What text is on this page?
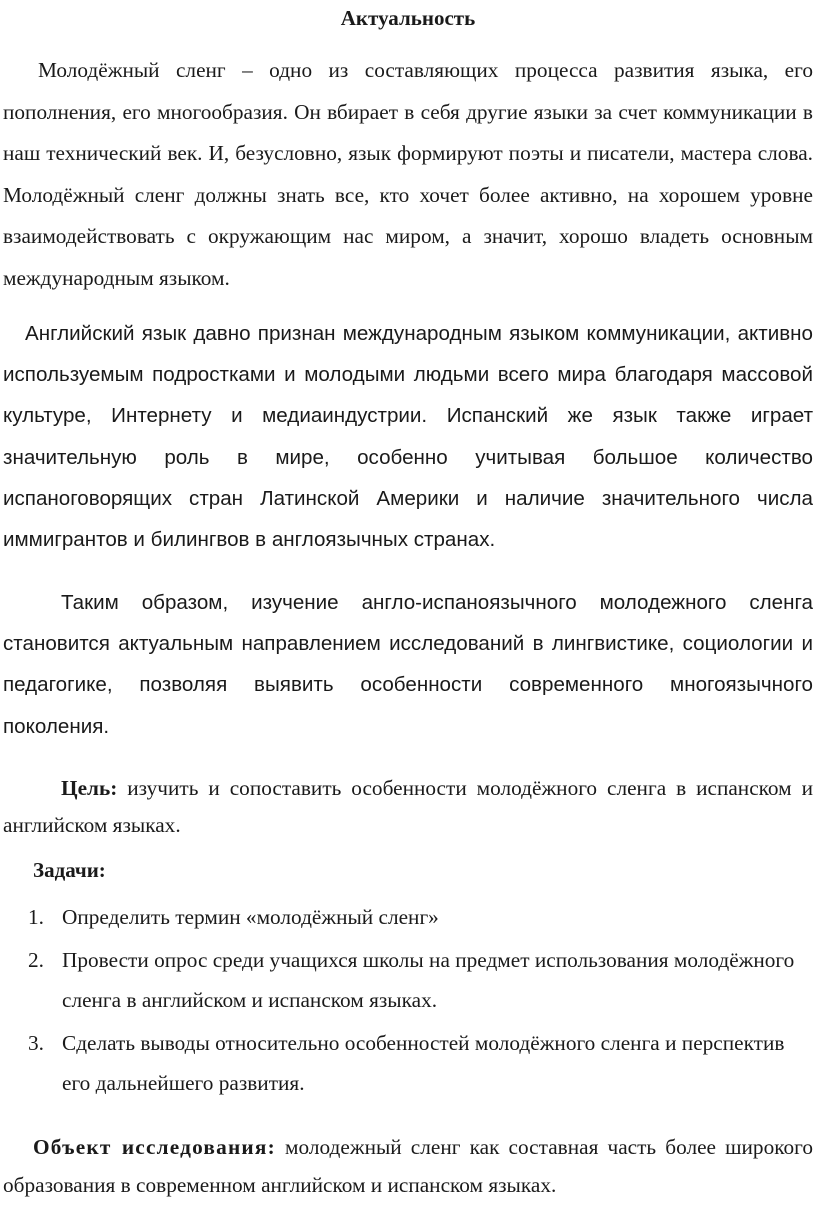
Актуальность

Молодёжный сленг – одно из составляющих процесса развития языка, его пополнения, его многообразия. Он вбирает в себя другие языки за счет коммуникации в наш технический век. И, безусловно, язык формируют поэты и писатели, мастера слова. Молодёжный сленг должны знать все, кто хочет более активно, на хорошем уровне взаимодействовать с окружающим нас миром, а значит, хорошо владеть основным международным языком.

Английский язык давно признан международным языком коммуникации, активно используемым подростками и молодыми людьми всего мира благодаря массовой культуре, Интернету и медиаиндустрии. Испанский же язык также играет значительную роль в мире, особенно учитывая большое количество испаноговорящих стран Латинской Америки и наличие значительного числа иммигрантов и билингвов в англоязычных странах.

Таким образом, изучение англо-испаноязычного молодежного сленга становится актуальным направлением исследований в лингвистике, социологии и педагогике, позволяя выявить особенности современного многоязычного поколения.

Цель: изучить и сопоставить особенности молодёжного сленга в испанском и английском языках.

Задачи:
1. Определить термин «молодёжный сленг»
2. Провести опрос среди учащихся школы на предмет использования молодёжного сленга в английском и испанском языках.
3. Сделать выводы относительно особенностей молодёжного сленга и перспектив его дальнейшего развития.

Объект исследования: молодежный сленг как составная часть более широкого образования в современном английском и испанском языках.
